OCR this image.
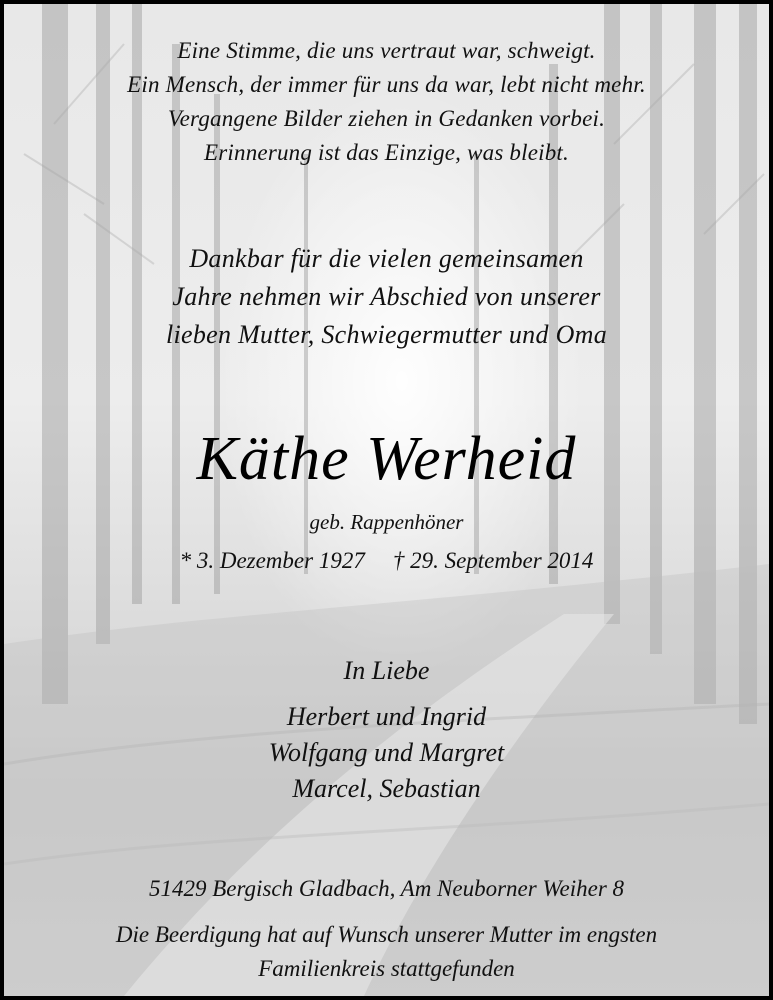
Eine Stimme, die uns vertraut war, schweigt.
Ein Mensch, der immer für uns da war, lebt nicht mehr.
Vergangene Bilder ziehen in Gedanken vorbei.
Erinnerung ist das Einzige, was bleibt.
Dankbar für die vielen gemeinsamen
Jahre nehmen wir Abschied von unserer
lieben Mutter, Schwiegermutter und Oma
Käthe Werheid
geb. Rappenhöner
* 3. Dezember 1927 † 29. September 2014
In Liebe
Herbert und Ingrid
Wolfgang und Margret
Marcel, Sebastian
51429 Bergisch Gladbach, Am Neuborner Weiher 8
Die Beerdigung hat auf Wunsch unserer Mutter im engsten
Familienkreis stattgefunden
